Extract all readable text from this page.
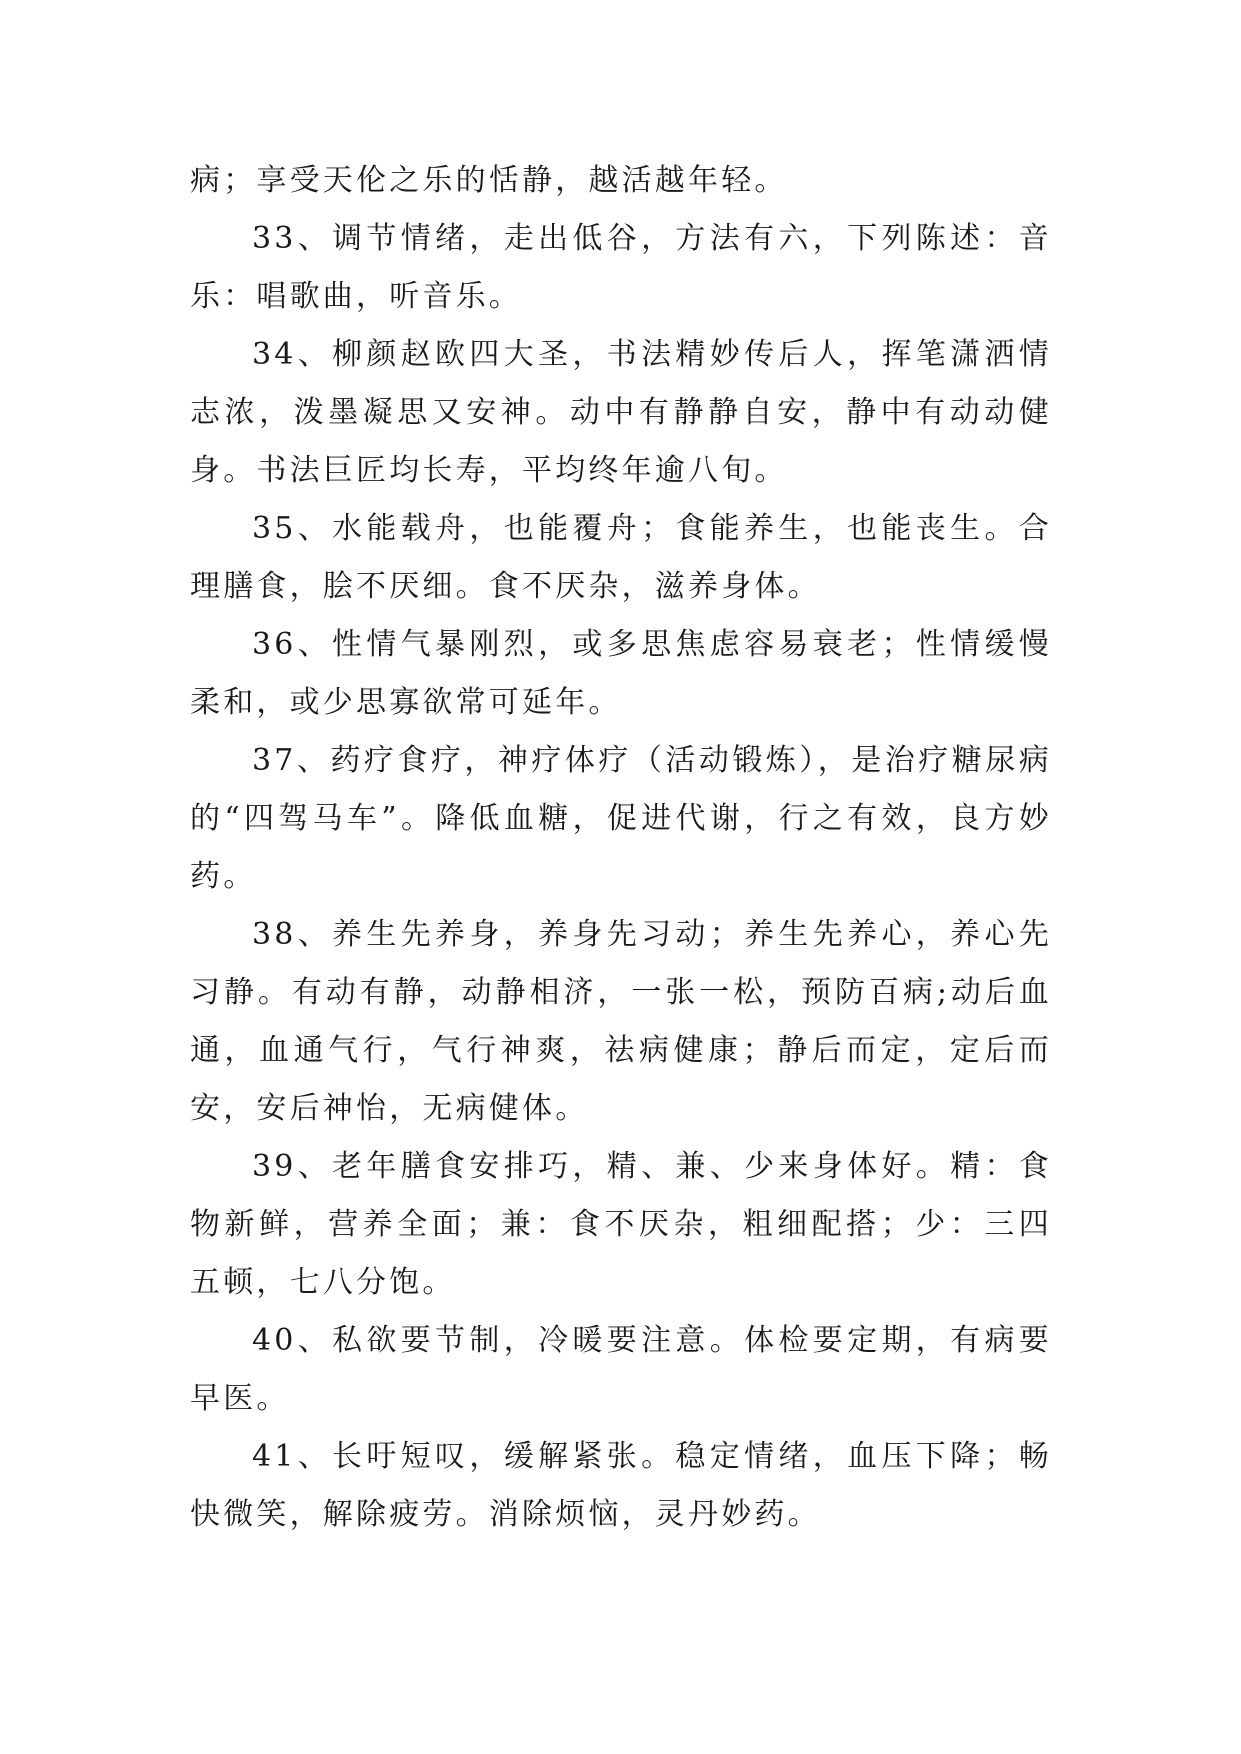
病；享受天伦之乐的恬静，越活越年轻。

33、调节情绪，走出低谷，方法有六，下列陈述：音乐：唱歌曲，听音乐。

34、柳颜赵欧四大圣，书法精妙传后人，挥笔潇洒情志浓，泼墨凝思又安神。动中有静静自安，静中有动动健身。书法巨匠均长寿，平均终年逾八旬。

35、水能载舟，也能覆舟；食能养生，也能丧生。合理膳食，脍不厌细。食不厌杂，滋养身体。

36、性情气暴刚烈，或多思焦虑容易衰老；性情缓慢柔和，或少思寡欲常可延年。

37、药疗食疗，神疗体疗（活动锻炼），是治疗糖尿病的“四驾马车”。降低血糖，促进代谢，行之有效，良方妙药。

38、养生先养身，养身先习动；养生先养心，养心先习静。有动有静，动静相济，一张一松，预防百病;动后血通，血通气行，气行神爽，祛病健康；静后而定，定后而安，安后神怡，无病健体。

39、老年膳食安排巧，精、兼、少来身体好。精：食物新鲜，营养全面；兼：食不厌杂，粗细配搭；少：三四五顿，七八分饱。

40、私欲要节制，冷暖要注意。体检要定期，有病要早医。

41、长吁短叹，缓解紧张。稳定情绪，血压下降；畅快微笑，解除疲劳。消除烦恼，灵丹妙药。
